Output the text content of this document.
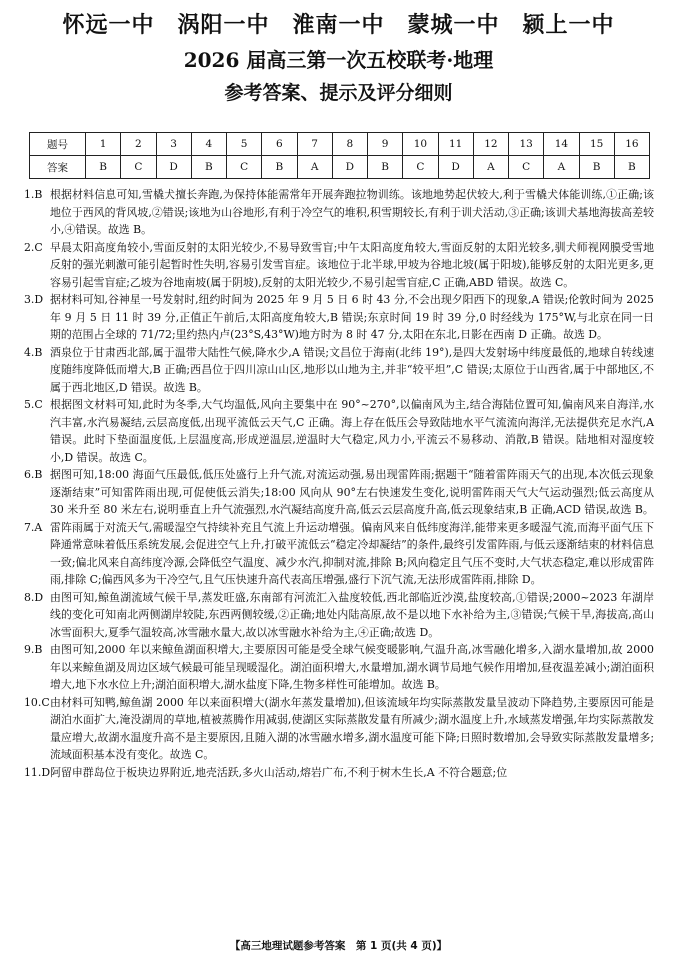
怀远一中　涡阳一中　淮南一中　蒙城一中　颍上一中
2026 届高三第一次五校联考·地理
参考答案、提示及评分细则
题号	1	2	3	4	5	6	7	8	9	10	11	12	13	14	15	16
答案	B	C	D	B	C	B	A	D	B	C	D	A	C	A	B	B
1.B 根据材料信息可知,雪橇犬擅长奔跑,为保持体能需常年开展奔跑拉物训练。该地地势起伏较大,利于雪橇犬体能训练,①正确;该地位于西风的背风坡,②错误;该地为山谷地形,有利于冷空气的堆积,积雪期较长,有利于训犬活动,③正确;该训犬基地海拔高差较小,④错误。故选 B。
2.C 早晨太阳高度角较小,雪面反射的太阳光较少,不易导致雪盲;中午太阳高度角较大,雪面反射的太阳光较多,驯犬师视网膜受雪地反射的强光刺激可能引起暂时性失明,容易引发雪盲症。该地位于北半球,甲坡为谷地北坡(属于阳坡),能够反射的太阳光更多,更容易引起雪盲症;乙坡为谷地南坡(属于阴坡),反射的太阳光较少,不易引起雪盲症,C 正确,ABD 错误。故选 C。
3.D 据材料可知,谷神星一号发射时,纽约时间为 2025 年 9 月 5 日 6 时 43 分,不会出现夕阳西下的现象,A 错误;伦敦时间为 2025 年 9 月 5 日 11 时 39 分,正值正午前后,太阳高度角较大,B 错误;东京时间 19 时 39 分,0 时经线为 175°W,与北京在同一日期的范围占全球的 71/72;里约热内卢(23°S,43°W)地方时为 8 时 47 分,太阳在东北,日影在西南 D 正确。故选 D。
4.B 酒泉位于甘肃西北部,属于温带大陆性气候,降水少,A 错误;文昌位于海南(北纬 19°),是四大发射场中纬度最低的,地球自转线速度随纬度降低而增大,B 正确;西昌位于四川凉山山区,地形以山地为主,并非“较平坦”,C 错误;太原位于山西省,属于中部地区,不属于西北地区,D 错误。故选 B。
5.C 根据图文材料可知,此时为冬季,大气均温低,风向主要集中在 90°~270°,以偏南风为主,结合海陆位置可知,偏南风来自海洋,水汽丰富,水汽易凝结,云层高度低,出现平流低云天气,C 正确。海上存在低压会导致陆地水平气流流向海洋,无法提供充足水汽,A 错误。此时下垫面温度低,上层温度高,形成逆温层,逆温时大气稳定,风力小,平流云不易移动、消散,B 错误。陆地相对湿度较小,D 错误。故选 C。
6.B 据图可知,18:00 海面气压最低,低压处盛行上升气流,对流运动强,易出现雷阵雨;据题干“随着雷阵雨天气的出现,本次低云现象逐渐结束”可知雷阵雨出现,可促使低云消失;18:00 风向从 90°左右快速发生变化,说明雷阵雨天气大气运动强烈;低云高度从 30 米升至 80 米左右,说明垂直上升气流强烈,水汽凝结高度升高,低云云层高度升高,低云现象结束,B 正确,ACD 错误,故选 B。
7.A 雷阵雨属于对流天气,需暖湿空气持续补充且气流上升运动增强。偏南风来自低纬度海洋,能带来更多暖湿气流,而海平面气压下降通常意味着低压系统发展,会促进空气上升,打破平流低云“稳定冷却凝结”的条件,最终引发雷阵雨,与低云逐渐结束的材料信息一致;偏北风来自高纬度冷源,会降低空气温度、减少水汽,抑制对流,排除 B;风向稳定且气压不变时,大气状态稳定,难以形成雷阵雨,排除 C;偏西风多为干冷空气,且气压快速升高代表高压增强,盛行下沉气流,无法形成雷阵雨,排除 D。
8.D 由图可知,鲸鱼湖流域气候干旱,蒸发旺盛,东南部有河流汇入盐度较低,西北部临近沙漠,盐度较高,①错误;2000~2023 年湖岸线的变化可知南北两侧湖岸较陡,东西两侧较缓,②正确;地处内陆高原,故不是以地下水补给为主,③错误;气候干旱,海拔高,高山冰雪面积大,夏季气温较高,冰雪融水量大,故以冰雪融水补给为主,④正确;故选 D。
9.B 由图可知,2000 年以来鲸鱼湖面积增大,主要原因可能是受全球气候变暖影响,气温升高,冰雪融化增多,入湖水量增加,故 2000 年以来鲸鱼湖及周边区域气候最可能呈现暖湿化。湖泊面积增大,水量增加,湖水调节局地气候作用增加,昼夜温差减小;湖泊面积增大,地下水水位上升;湖泊面积增大,湖水盐度下降,生物多样性可能增加。故选 B。
10.C 由材料可知鸭,鲸鱼湖 2000 年以来面积增大(湖水年蒸发量增加),但该流域年均实际蒸散发量呈波动下降趋势,主要原因可能是湖泊水面扩大,淹没湖周的草地,植被蒸腾作用减弱,使湖区实际蒸散发量有所减少;湖水温度上升,水域蒸发增强,年均实际蒸散发量应增大,故湖水温度升高不是主要原因,且随入湖的冰雪融水增多,湖水温度可能下降;日照时数增加,会导致实际蒸散发量增多;流域面积基本没有变化。故选 C。
11.D 阿留申群岛位于板块边界附近,地壳活跃,多火山活动,熔岩广布,不利于树木生长,A 不符合题意;位
【高三地理试题参考答案　第 1 页(共 4 页)】
